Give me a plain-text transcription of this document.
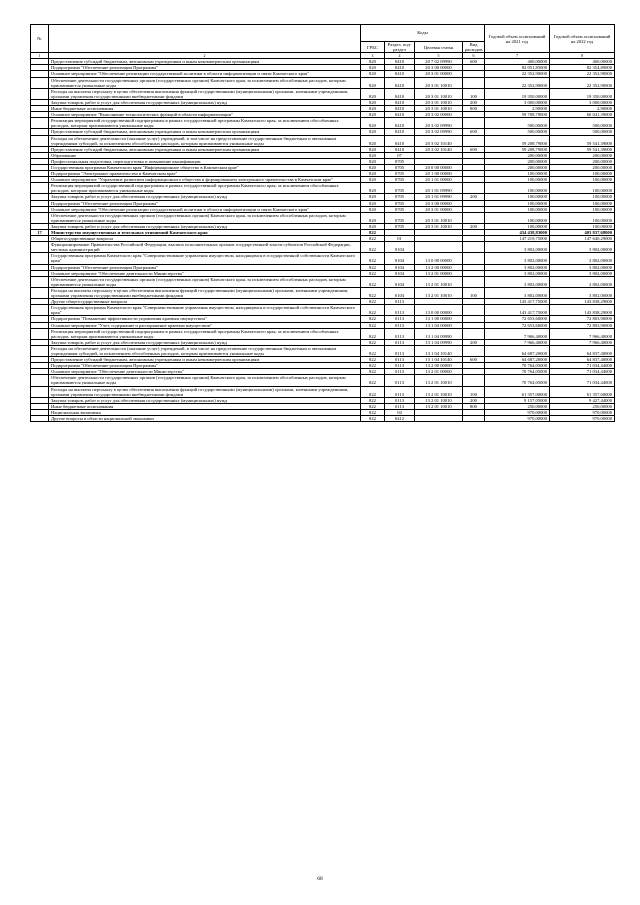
№		Коды				Годовой объем ассигнований на 2021 год	Годовой объем ассигнований на 2022 год
		ГРБС	Раздел, под-раздел	Целевая статья	Вид расходов		
1	2	3	4	5	6	7	8
	Предоставление субсидий бюджетным, автономным учреждениям и иным некоммерческим организациям	820	0410	20 7 02 09990	600	400,00000	400,00000
	Подпрограмма "Обеспечение реализации Программы"	820	0410	20 3 00 00000		82 051,85000	82 354,89000
	Основное мероприятие "Обеспечение реализации государственной политики в области информатизации и связи Камчатского края"	820	0410	20 3 01 00000		22 352,90000	22 352,90000
	Обеспечение деятельности государственных органов (государственных органов) Камчатского края, за исключением обособленных расходов, которым присваиваются уникальные коды	820	0410	20 3 01 10010		22 352,90000	22 352,90000
	Расходы на выплаты персоналу в целях обеспечения выполнения функций государственными (муниципальными) органами, казенными учреждениями, органами управления государственными внебюджетными фондами	820	0410	20 3 01 10010	100	19 350,00000	19 350,00000
	Закупка товаров, работ и услуг для обеспечения государственных (муниципальных) нужд	820	0410	20 3 01 10010	200	3 000,00000	3 000,00000
	Иные бюджетные ассигнования	820	0410	20 3 01 10010	800	2,90000	2,90000
	Основное мероприятие "Выполнение технологических функций в области информатизации"	820	0410	20 3 02 00000		59 708,79000	60 041,39000
	Реализация мероприятий государственной подпрограммы в рамках государственной программы Камчатского края, за исключением обособленных расходов, которым присваиваются уникальные коды	820	0410	20 3 02 09990		500,00000	500,00000
	Предоставление субсидий бюджетным, автономным учреждениям и иным некоммерческим организациям	820	0410	20 3 02 09990	600	500,00000	500,00000
	Расходы на обеспечение деятельности (оказание услуг) учреждений, в том числе на предоставление государственным бюджетным и автономным учреждениям субсидий, за исключением обособленных расходов, которым присваиваются уникальные коды	820	0410	20 3 02 10140		59 208,79000	59 541,39000
	Предоставление субсидий бюджетным, автономным учреждениям и иным некоммерческим организациям	820	0410	20 3 02 10140	600	59 208,79000	59 541,39000
	Образование	820	07			200,00000	200,00000
	Профессиональная подготовка, переподготовка и повышение квалификации	820	0705			200,00000	200,00000
	Государственная программа Камчатского края "Информационное общество в Камчатском крае"	820	0705	20 0 00 00000		200,00000	200,00000
	Подпрограмма "Электронное правительство в Камчатском крае"	820	0705	20 1 00 00000		100,00000	100,00000
	Основное мероприятие "Управление развитием информационного общества и формированием электронного правительства в Камчатском крае"	820	0705	20 1 01 00000		100,00000	100,00000
	Реализация мероприятий государственной подпрограммы в рамках государственной программы Камчатского края, за исключением обособленных расходов, которым присваиваются уникальные коды	820	0705	20 1 01 09990		100,00000	100,00000
	Закупка товаров, работ и услуг для обеспечения государственных (муниципальных) нужд	820	0705	20 1 01 09990	200	100,00000	100,00000
	Подпрограмма "Обеспечение реализации Программы"	820	0705	20 3 00 00000		100,00000	100,00000
	Основное мероприятие "Обеспечение реализации государственной политики в области информатизации и связи Камчатского края"	820	0705	20 3 01 00000		100,00000	100,00000
	Обеспечение деятельности государственных органов (государственных органов) Камчатского края, за исключением обособленных расходов, которым присваиваются уникальные коды	820	0705	20 3 01 10010		100,00000	100,00000
	Закупка товаров, работ и услуг для обеспечения государственных (муниципальных) нужд	820	0705	20 3 01 10010	200	100,00000	100,00000
17	Министерство имущественных и земельных отношений Камчатского края	822				434 438,83000	403 837,68000
	Общегосударственные вопросы	822	01			147 219,75000	147 640,29000
	Функционирование Правительства Российской Федерации, высших исполнительных органов государственной власти субъектов Российской Федерации, местных администраций	822	0104			3 802,00000	3 802,00000
	Государственная программа Камчатского края "Совершенствование управления имуществом, находящимся в государственной собственности Камчатского края"	822	0104	13 0 00 00000		3 802,00000	3 802,00000
	Подпрограмма "Обеспечение реализации Программы"	822	0104	13 2 00 00000		3 802,00000	3 802,00000
	Основное мероприятие "Обеспечение деятельности Министерства"	822	0104	13 2 01 00000		3 802,00000	3 802,00000
	Обеспечение деятельности государственных органов (государственных органов) Камчатского края, за исключением обособленных расходов, которым присваиваются уникальные коды	822	0104	13 2 01 10010		3 802,00000	3 802,00000
	Расходы на выплаты персоналу в целях обеспечения выполнения функций государственными (муниципальными) органами, казенными учреждениями, органами управления государственными внебюджетными фондами	822	0104	13 2 01 10010	100	3 802,00000	3 802,00000
	Другие общегосударственные вопросы	822	0113			143 417,75000	143 838,29000
	Государственная программа Камчатского края "Совершенствование управления имуществом, находящимся в государственной собственности Камчатского края"	822	0113	13 0 00 00000		143 417,75000	143 838,29000
	Подпрограмма "Повышение эффективности управления краевым имуществом"	822	0113	13 1 00 00000		72 653,60000	72 803,90000
	Основное мероприятие "Учет, содержание и распоряжение краевым имуществом"	822	0113	13 1 04 00000		72 653,60000	72 803,90000
	Реализация мероприятий государственной подпрограммы в рамках государственной программы Камчатского края, за исключением обособленных расходов, которым присваиваются уникальные коды	822	0113	13 1 04 09990		7 966,40000	7 966,40000
	Закупка товаров, работ и услуг для обеспечения государственных (муниципальных) нужд	822	0113	13 1 04 09990	200	7 966,40000	7 966,40000
	Расходы на обеспечение деятельности (оказание услуг) учреждений, в том числе на предоставление государственным бюджетным и автономным учреждениям субсидий, за исключением обособленных расходов, которым присваиваются уникальные коды	822	0113	13 1 04 10140		64 687,20000	64 837,40000
	Предоставление субсидий бюджетным, автономным учреждениям и иным некоммерческим организациям	822	0113	13 1 04 10140	600	64 687,20000	64 837,40000
	Подпрограмма "Обеспечение реализации Программы"	822	0113	13 2 00 00000		70 764,05000	71 034,44000
	Основное мероприятие "Обеспечение деятельности Министерства"	822	0113	13 2 01 00000		70 764,05000	71 034,44000
	Обеспечение деятельности государственных органов (государственных органов) Камчатского края, за исключением обособленных расходов, которым присваиваются уникальные коды	822	0113	13 2 01 10010		70 764,05000	71 034,44000
	Расходы на выплаты персоналу в целях обеспечения выполнения функций государственными (муниципальными) органами, казенными учреждениями, органами управления государственными внебюджетными фондами	822	0113	13 2 01 10010	100	61 357,00000	61 357,00000
	Закупка товаров, работ и услуг для обеспечения государственных (муниципальных) нужд	822	0113	13 2 01 10010	200	9 157,05000	9 427,44000
	Иные бюджетные ассигнования	822	0113	13 2 01 10010	800	250,00000	250,00000
	Национальная экономика	822	04			970,00000	970,00000
	Другие вопросы в области национальной экономики	822	0412			970,00000	970,00000
68
